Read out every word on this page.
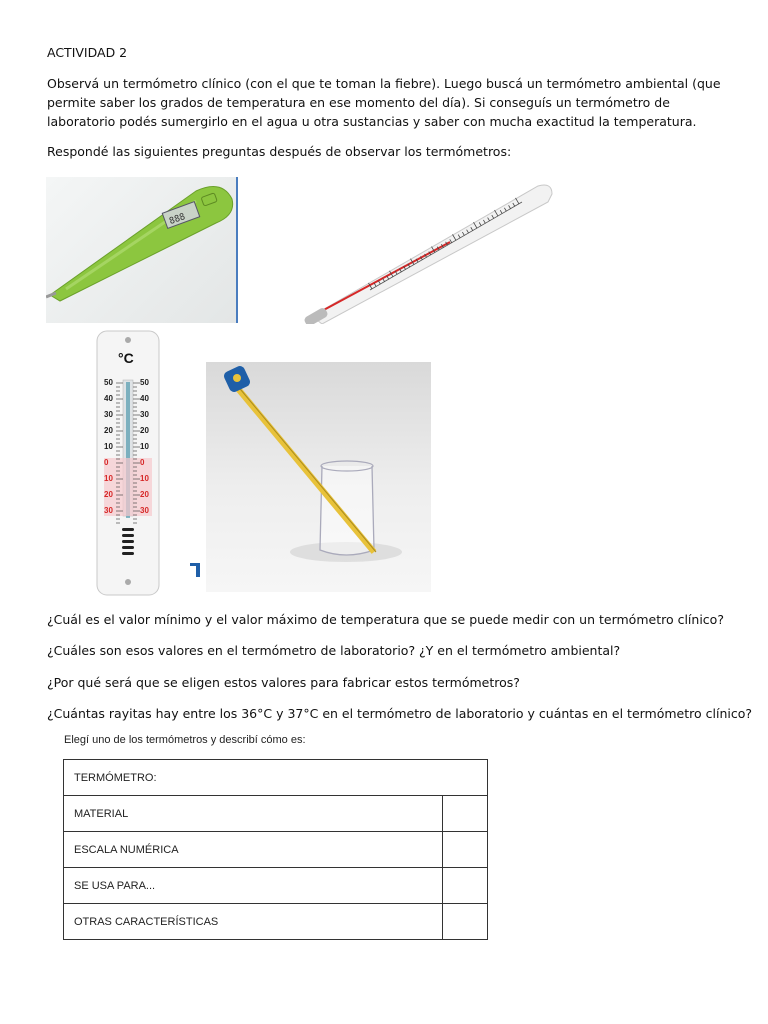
ACTIVIDAD 2
Observá un termómetro clínico (con el que te toman la fiebre). Luego buscá un termómetro ambiental (que permite saber los grados de temperatura en ese momento del día). Si conseguís un termómetro de laboratorio podés sumergirlo en el agua u otra sustancias y saber con mucha exactitud la temperatura.
Respondé las siguientes preguntas después de observar los termómetros:
888
°C
50	50
40	40
30	30
20	20
10	10
0	0
10	10
20	20
30	30
¿Cuál es el valor mínimo y el valor máximo de temperatura que se puede medir con un termómetro clínico?
¿Cuáles son esos valores en el termómetro de laboratorio? ¿Y en el termómetro ambiental?
¿Por qué será que se eligen estos valores para fabricar estos termómetros?
¿Cuántas rayitas hay entre los 36°C y 37°C en el termómetro de laboratorio y cuántas en el termómetro clínico?
Elegí uno de los termómetros y describí cómo es:
TERMÓMETRO:	
MATERIAL	
ESCALA NUMÉRICA	
SE USA PARA...	
OTRAS CARACTERÍSTICAS	
